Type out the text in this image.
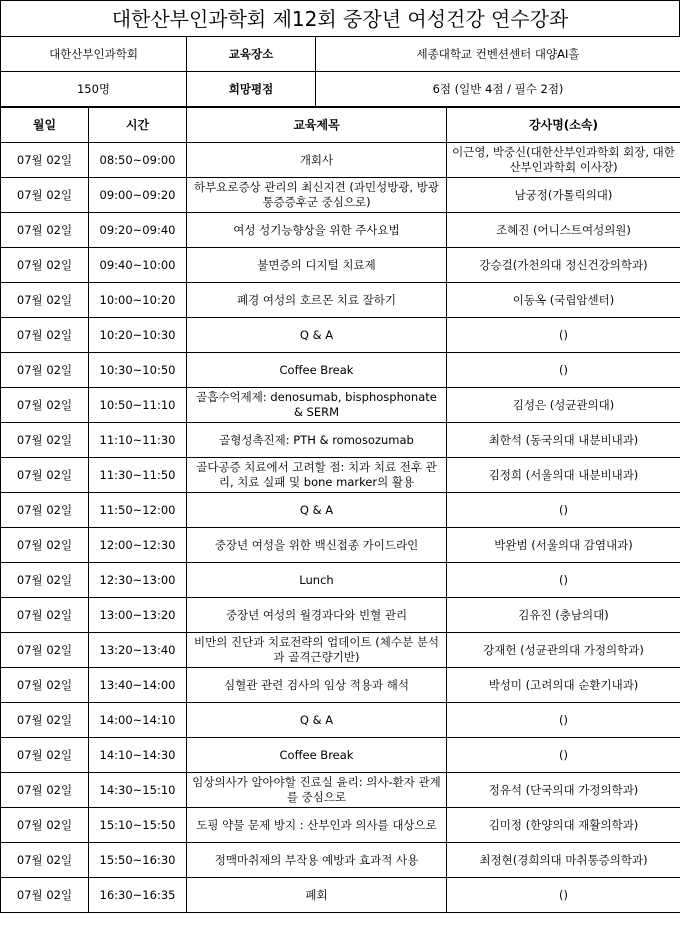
대한산부인과학회 제12회 중장년 여성건강 연수강좌
대한산부인과학회	교육장소	세종대학교 컨벤션센터 대양AI홀
150명	희망평점	6점 (일반 4점 / 필수 2점)
월일	시간	교육제목	강사명(소속)
07월 02일	08:50~09:00	개회사	이근영, 박중신(대한산부인과학회 회장, 대한산부인과학회 이사장)
07월 02일	09:00~09:20	하부요로증상 관리의 최신지견 (과민성방광, 방광통증증후군 중심으로)	남궁정(가톨릭의대)
07월 02일	09:20~09:40	여성 성기능향상을 위한 주사요법	조혜진 (어니스트여성의원)
07월 02일	09:40~10:00	불면증의 디지털 치료제	강승걸(가천의대 정신건강의학과)
07월 02일	10:00~10:20	폐경 여성의 호르몬 치료 잘하기	이동옥 (국립암센터)
07월 02일	10:20~10:30	Q & A	()
07월 02일	10:30~10:50	Coffee Break	()
07월 02일	10:50~11:10	골흡수억제제: denosumab, bisphosphonate & SERM	김성은 (성균관의대)
07월 02일	11:10~11:30	골형성촉진제: PTH & romosozumab	최한석 (동국의대 내분비내과)
07월 02일	11:30~11:50	골다공증 치료에서 고려할 점: 치과 치료 전후 관리, 치료 실패 및 bone marker의 활용	김정희 (서울의대 내분비내과)
07월 02일	11:50~12:00	Q & A	()
07월 02일	12:00~12:30	중장년 여성을 위한 백신접종 가이드라인	박완범 (서울의대 감염내과)
07월 02일	12:30~13:00	Lunch	()
07월 02일	13:00~13:20	중장년 여성의 월경과다와 빈혈 관리	김유진 (충남의대)
07월 02일	13:20~13:40	비만의 진단과 치료전략의 업데이트 (체수분 분석과 골격근량기반)	강재헌 (성균관의대 가정의학과)
07월 02일	13:40~14:00	심혈관 관련 검사의 임상 적용과 해석	박성미 (고려의대 순환기내과)
07월 02일	14:00~14:10	Q & A	()
07월 02일	14:10~14:30	Coffee Break	()
07월 02일	14:30~15:10	임상의사가 알아야할 진료실 윤리: 의사-환자 관계를 중심으로	정유석 (단국의대 가정의학과)
07월 02일	15:10~15:50	도핑 약물 문제 방지 : 산부인과 의사를 대상으로	김미정 (한양의대 재활의학과)
07월 02일	15:50~16:30	정맥마취제의 부작용 예방과 효과적 사용	최정현(경희의대 마취통증의학과)
07월 02일	16:30~16:35	폐회	()
